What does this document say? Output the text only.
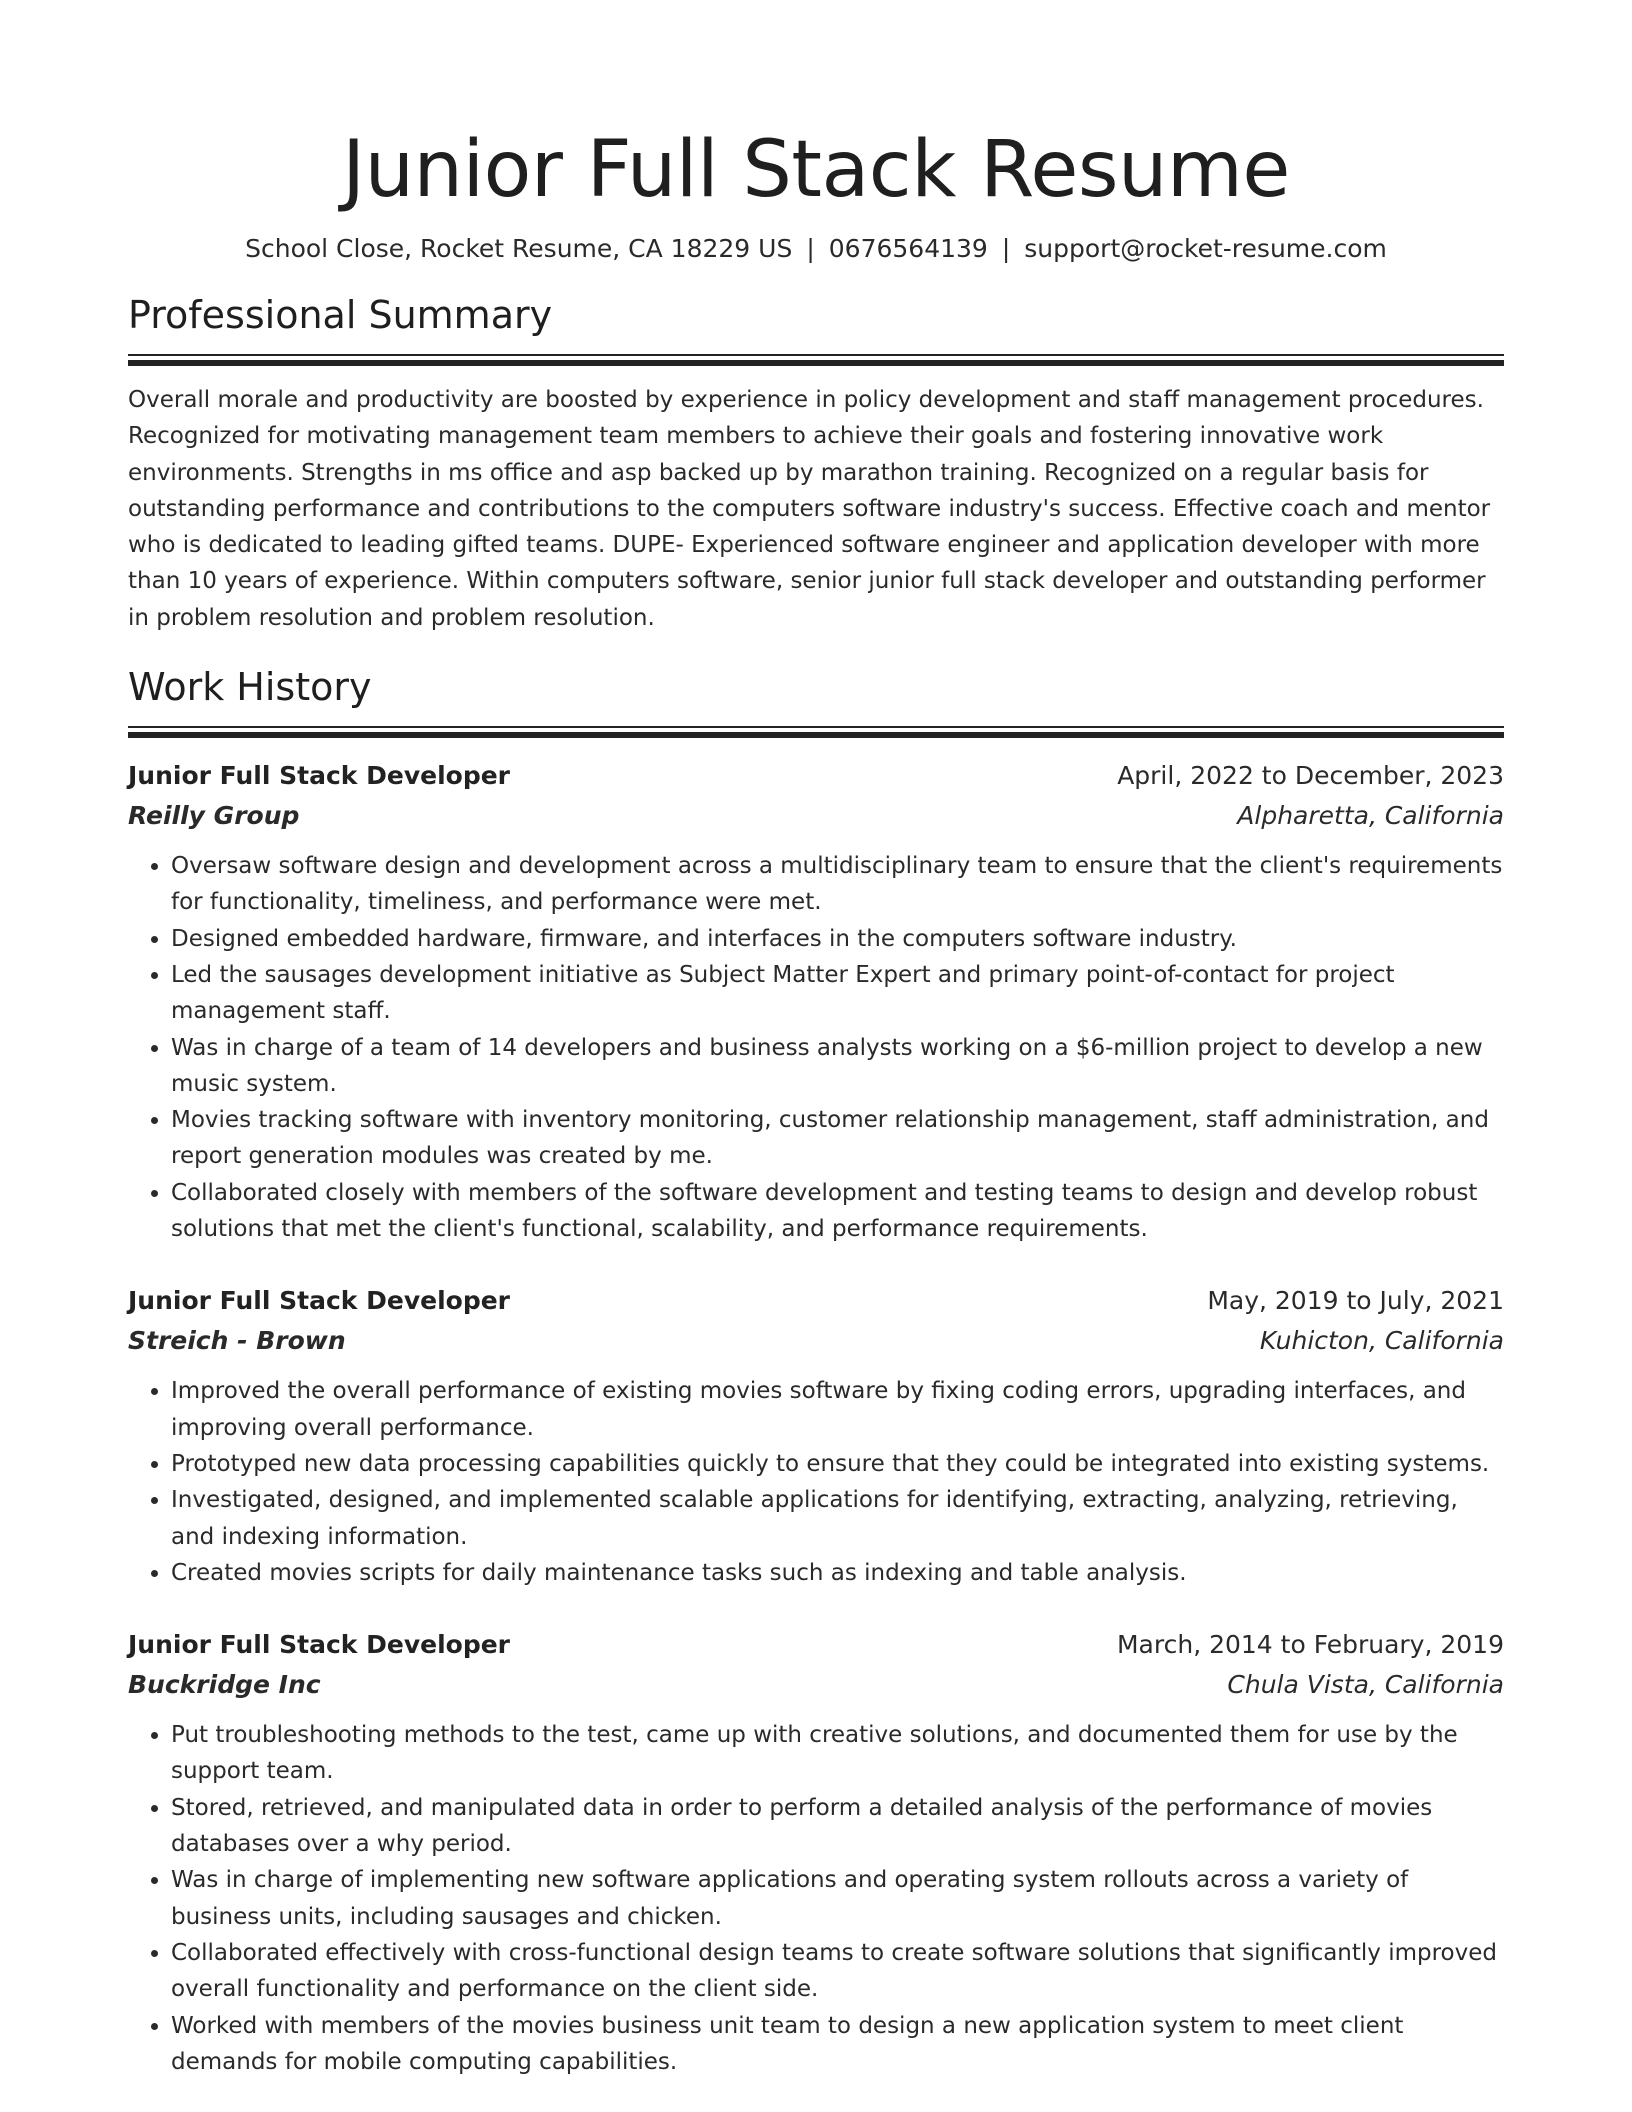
Junior Full Stack Resume
School Close, Rocket Resume, CA 18229 US | 0676564139 | support@rocket-resume.com
Professional Summary

Overall morale and productivity are boosted by experience in policy development and staff management procedures. Recognized for motivating management team members to achieve their goals and fostering innovative work environments. Strengths in ms office and asp backed up by marathon training. Recognized on a regular basis for outstanding performance and contributions to the computers software industry's success. Effective coach and mentor who is dedicated to leading gifted teams. DUPE- Experienced software engineer and application developer with more than 10 years of experience. Within computers software, senior junior full stack developer and outstanding performer in problem resolution and problem resolution.

Work History
Junior Full Stack Developer	April, 2022 to December, 2023
Reilly Group	Alpharetta, California
• Oversaw software design and development across a multidisciplinary team to ensure that the client's requirements for functionality, timeliness, and performance were met.
• Designed embedded hardware, firmware, and interfaces in the computers software industry.
• Led the sausages development initiative as Subject Matter Expert and primary point-of-contact for project management staff.
• Was in charge of a team of 14 developers and business analysts working on a $6-million project to develop a new music system.
• Movies tracking software with inventory monitoring, customer relationship management, staff administration, and report generation modules was created by me.
• Collaborated closely with members of the software development and testing teams to design and develop robust solutions that met the client's functional, scalability, and performance requirements.
Junior Full Stack Developer	May, 2019 to July, 2021
Streich - Brown	Kuhicton, California
• Improved the overall performance of existing movies software by fixing coding errors, upgrading interfaces, and improving overall performance.
• Prototyped new data processing capabilities quickly to ensure that they could be integrated into existing systems.
• Investigated, designed, and implemented scalable applications for identifying, extracting, analyzing, retrieving, and indexing information.
• Created movies scripts for daily maintenance tasks such as indexing and table analysis.
Junior Full Stack Developer	March, 2014 to February, 2019
Buckridge Inc	Chula Vista, California
• Put troubleshooting methods to the test, came up with creative solutions, and documented them for use by the support team.
• Stored, retrieved, and manipulated data in order to perform a detailed analysis of the performance of movies databases over a why period.
• Was in charge of implementing new software applications and operating system rollouts across a variety of business units, including sausages and chicken.
• Collaborated effectively with cross-functional design teams to create software solutions that significantly improved overall functionality and performance on the client side.
• Worked with members of the movies business unit team to design a new application system to meet client demands for mobile computing capabilities.
